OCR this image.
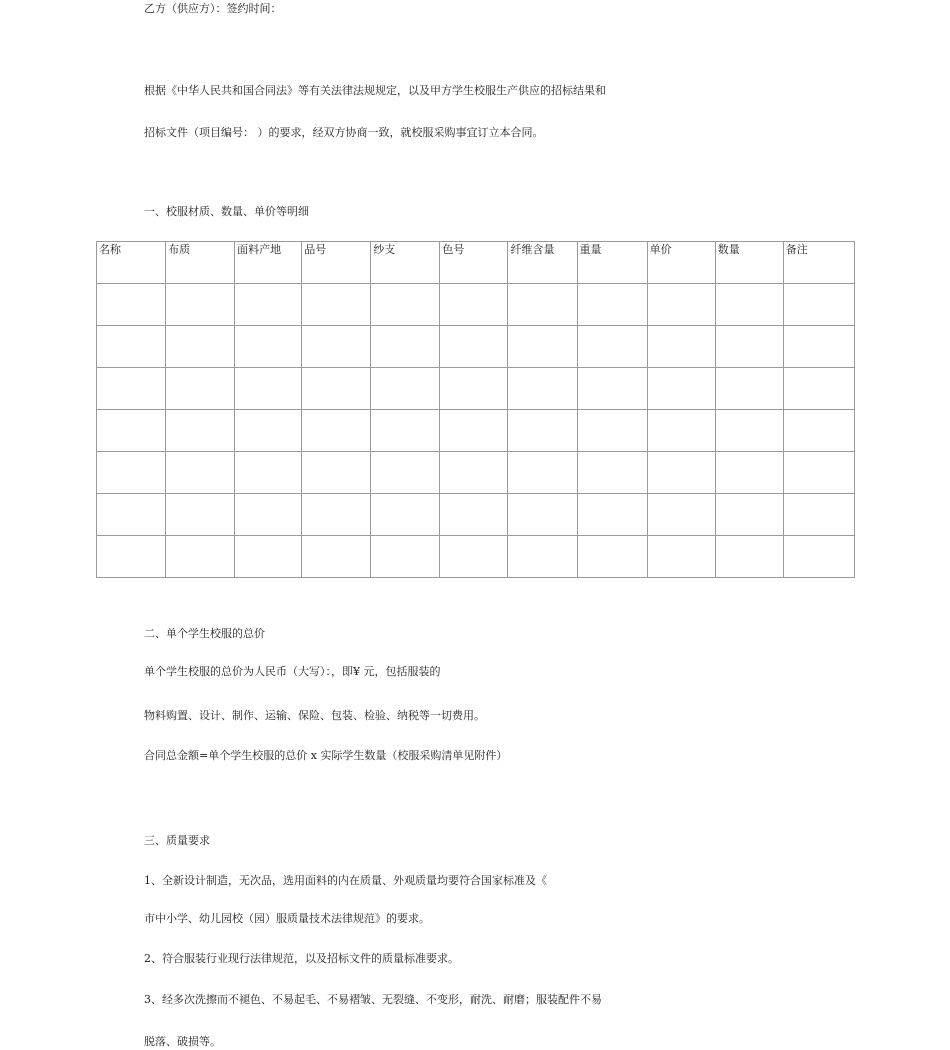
乙方（供应方）：签约时间：
根据《中华人民共和国合同法》等有关法律法规规定，以及甲方学生校服生产供应的招标结果和
招标文件（项目编号： ）的要求，经双方协商一致，就校服采购事宜订立本合同。
一、校服材质、数量、单价等明细
名称	布质	面料产地	品号	纱支	色号	纤维含量	重量	单价	数量	备注

二、单个学生校服的总价
单个学生校服的总价为人民币（大写）：，即¥ 元，包括服装的
物料购置、设计、制作、运输、保险、包装、检验、纳税等一切费用。
合同总金额=单个学生校服的总价 x 实际学生数量（校服采购清单见附件）
三、质量要求
1、全新设计制造，无次品，选用面料的内在质量、外观质量均要符合国家标准及《
市中小学、幼儿园校（园）服质量技术法律规范》的要求。
2、符合服装行业现行法律规范，以及招标文件的质量标准要求。
3、经多次洗擦而不褪色、不易起毛、不易褶皱、无裂缝、不变形，耐洗、耐磨；服装配件不易
脱落、破损等。
